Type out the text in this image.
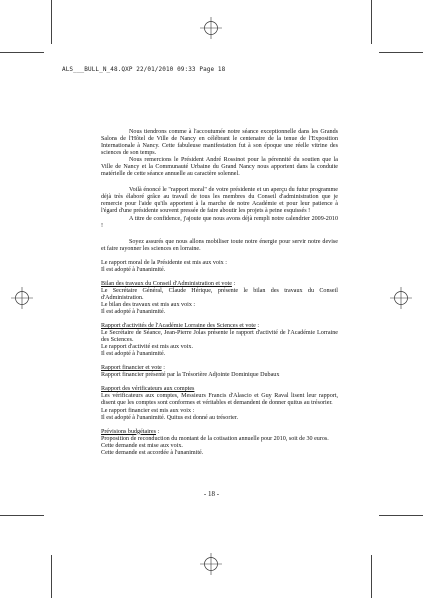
ALS___BULL_N_48.QXP 22/01/2010 09:33 Page 18

Nous tiendrons comme à l'accoutumée notre séance exceptionnelle dans les Grands Salons de l'Hôtel de Ville de Nancy en célébrant le centenaire de la tenue de l'Exposition Internationale à Nancy. Cette fabuleuse manifestation fut à son époque une réelle vitrine des sciences de son temps.

Nous remercions le Président André Rossinot pour la pérennité du soutien que la Ville de Nancy et la Communauté Urbaine du Grand Nancy nous apportent dans la conduite matérielle de cette séance annuelle au caractère solennel.

Voilà énoncé le "rapport moral" de votre présidente et un aperçu du futur programme déjà très élaboré grâce au travail de tous les membres du Conseil d'administration que je remercie pour l'aide qu'ils apportent à la marche de notre Académie et pour leur patience à l'égard d'une présidente souvent pressée de faire aboutir les projets à peine esquissés !

A titre de confidence, j'ajoute que nous avons déjà rempli notre calendrier 2009-2010 !

Soyez assurés que nous allons mobiliser toute notre énergie pour servir notre devise et faire rayonner les sciences en lorraine.

Le rapport moral de la Présidente est mis aux voix :

Il est adopté à l'unanimité.

Bilan des travaux du Conseil d'Administration et vote :

Le Secrétaire Général, Claude Hérique, présente le bilan des travaux du Conseil d'Administration.

Le bilan des travaux est mis aux voix :

Il est adopté à l'unanimité.

Rapport d'activités de l'Académie Lorraine des Sciences et vote :

Le Secrétaire de Séance, Jean-Pierre Jolas présente le rapport d'activité de l'Académie Lorraine des Sciences.

Le rapport d'activité est mis aux voix.

Il est adopté à l'unanimité.

Rapport financier et vote :

Rapport financier présenté par la Trésorière Adjointe Dominique Dubaux

Rapport des vérificateurs aux comptes

Les vérificateurs aux comptes, Messieurs Francis d'Alascio et Guy Raval lisent leur rapport, disent que les comptes sont conformes et véritables et demandent de donner quitus au trésorier.

Le rapport financier est mis aux voix :

Il est adopté à l'unanimité. Quitus est donné au trésorier.

Prévisions budgétaires :

Proposition de reconduction du montant de la cotisation annuelle pour 2010, soit de 30 euros.

Cette demande est mise aux voix.

Cette demande est accordée à l'unanimité.

- 18 -
